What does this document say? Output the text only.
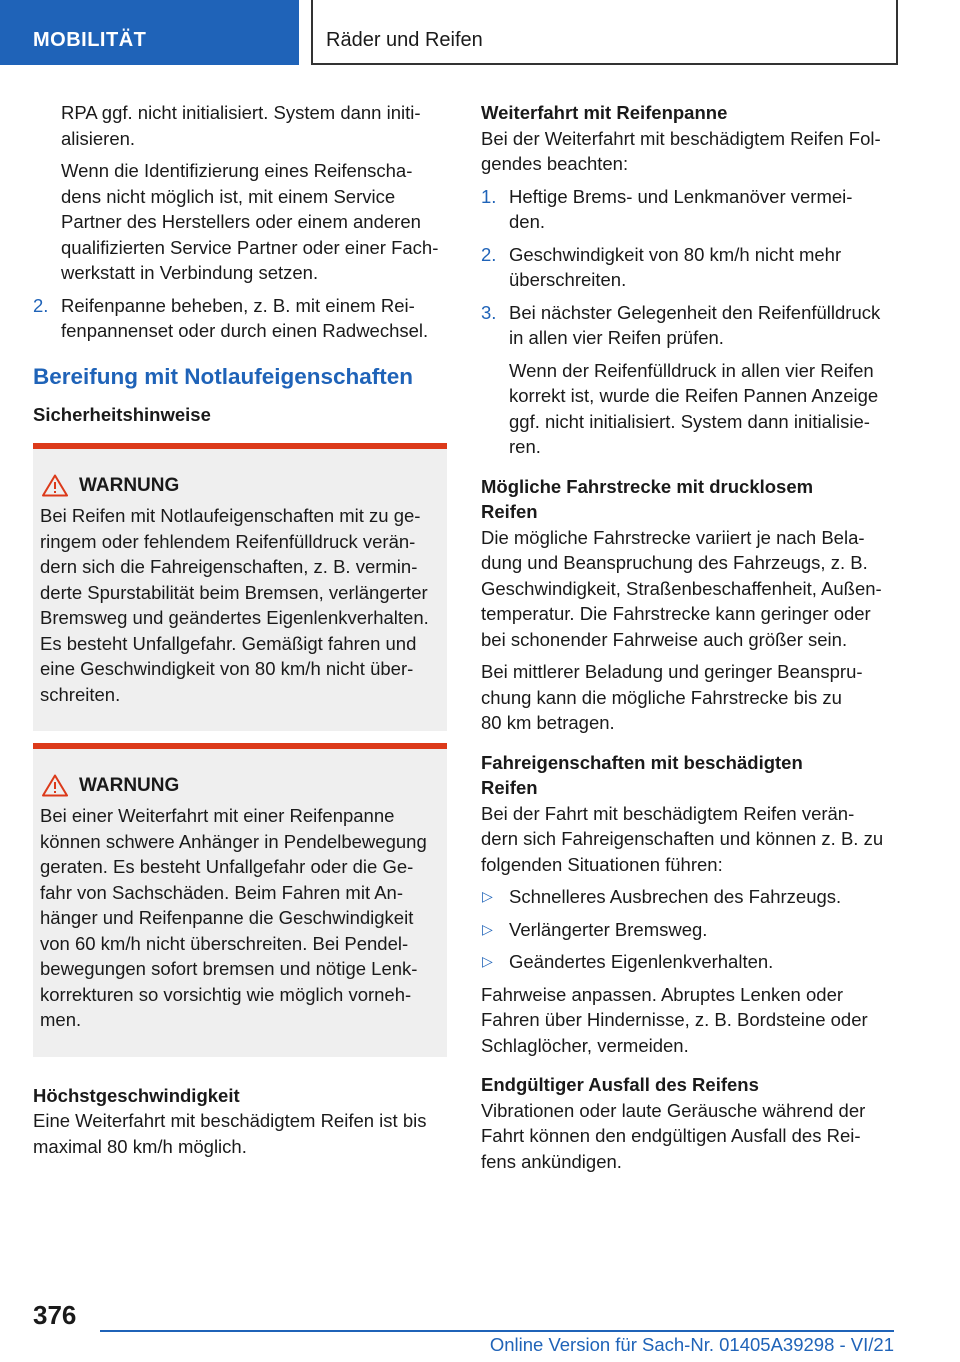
MOBILITÄT	Räder und Reifen

RPA ggf. nicht initialisiert. System dann initi-
alisieren.

Wenn die Identifizierung eines Reifenscha-
dens nicht möglich ist, mit einem Service
Partner des Herstellers oder einem anderen
qualifizierten Service Partner oder einer Fach-
werkstatt in Verbindung setzen.

2. Reifenpanne beheben, z. B. mit einem Rei-
fenpannenset oder durch einen Radwechsel.
Bereifung mit Notlaufeigenschaften
Sicherheitshinweise
WARNUNG

Bei Reifen mit Notlaufeigenschaften mit zu ge-
ringem oder fehlendem Reifenfülldruck verän-
dern sich die Fahreigenschaften, z. B. vermin-
derte Spurstabilität beim Bremsen, verlängerter
Bremsweg und geändertes Eigenlenkverhalten.
Es besteht Unfallgefahr. Gemäßigt fahren und
eine Geschwindigkeit von 80 km/h nicht über-
schreiten.

WARNUNG

Bei einer Weiterfahrt mit einer Reifenpanne
können schwere Anhänger in Pendelbewegung
geraten. Es besteht Unfallgefahr oder die Ge-
fahr von Sachschäden. Beim Fahren mit An-
hänger und Reifenpanne die Geschwindigkeit
von 60 km/h nicht überschreiten. Bei Pendel-
bewegungen sofort bremsen und nötige Lenk-
korrekturen so vorsichtig wie möglich vorneh-
men.

Höchstgeschwindigkeit

Eine Weiterfahrt mit beschädigtem Reifen ist bis
maximal 80 km/h möglich.

Weiterfahrt mit Reifenpanne

Bei der Weiterfahrt mit beschädigtem Reifen Fol-
gendes beachten:

1. Heftige Brems- und Lenkmanöver vermei-
den.
2. Geschwindigkeit von 80 km/h nicht mehr
überschreiten.
3. Bei nächster Gelegenheit den Reifenfülldruck
in allen vier Reifen prüfen.

Wenn der Reifenfülldruck in allen vier Reifen
korrekt ist, wurde die Reifen Pannen Anzeige
ggf. nicht initialisiert. System dann initialisie-
ren.

Mögliche Fahrstrecke mit drucklosem
Reifen

Die mögliche Fahrstrecke variiert je nach Bela-
dung und Beanspruchung des Fahrzeugs, z. B.
Geschwindigkeit, Straßenbeschaffenheit, Außen-
temperatur. Die Fahrstrecke kann geringer oder
bei schonender Fahrweise auch größer sein.

Bei mittlerer Beladung und geringer Beanspru-
chung kann die mögliche Fahrstrecke bis zu
80 km betragen.

Fahreigenschaften mit beschädigten
Reifen

Bei der Fahrt mit beschädigtem Reifen verän-
dern sich Fahreigenschaften und können z. B. zu
folgenden Situationen führen:

▷ Schnelleres Ausbrechen des Fahrzeugs.
▷ Verlängerter Bremsweg.
▷ Geändertes Eigenlenkverhalten.

Fahrweise anpassen. Abruptes Lenken oder
Fahren über Hindernisse, z. B. Bordsteine oder
Schlaglöcher, vermeiden.

Endgültiger Ausfall des Reifens

Vibrationen oder laute Geräusche während der
Fahrt können den endgültigen Ausfall des Rei-
fens ankündigen.

376
Online Version für Sach-Nr. 01405A39298 - VI/21
